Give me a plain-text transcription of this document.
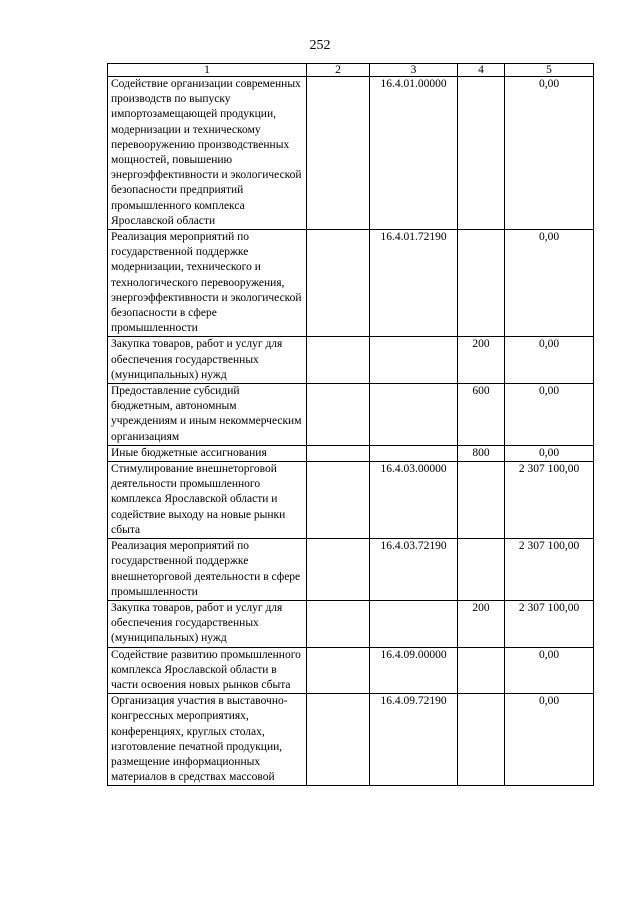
252
1	2	3	4	5
Содействие организации современных производств по выпуску импортозамещающей продукции, модернизации и техническому перевооружению производственных мощностей, повышению энергоэффективности и экологической безопасности предприятий промышленного комплекса Ярославской области		16.4.01.00000		0,00
Реализация мероприятий по государственной поддержке модернизации, технического и технологического перевооружения, энергоэффективности и экологической безопасности в сфере промышленности		16.4.01.72190		0,00
Закупка товаров, работ и услуг для обеспечения государственных (муниципальных) нужд			200	0,00
Предоставление субсидий бюджетным, автономным учреждениям и иным некоммерческим организациям			600	0,00
Иные бюджетные ассигнования			800	0,00
Стимулирование внешнеторговой деятельности промышленного комплекса Ярославской области и содействие выходу на новые рынки сбыта		16.4.03.00000		2 307 100,00
Реализация мероприятий по государственной поддержке внешнеторговой деятельности в сфере промышленности		16.4.03.72190		2 307 100,00
Закупка товаров, работ и услуг для обеспечения государственных (муниципальных) нужд			200	2 307 100,00
Содействие развитию промышленного комплекса Ярославской области в части освоения новых рынков сбыта		16.4.09.00000		0,00
Организация участия в выставочно-конгрессных мероприятиях, конференциях, круглых столах, изготовление печатной продукции, размещение информационных материалов в средствах массовой		16.4.09.72190		0,00
